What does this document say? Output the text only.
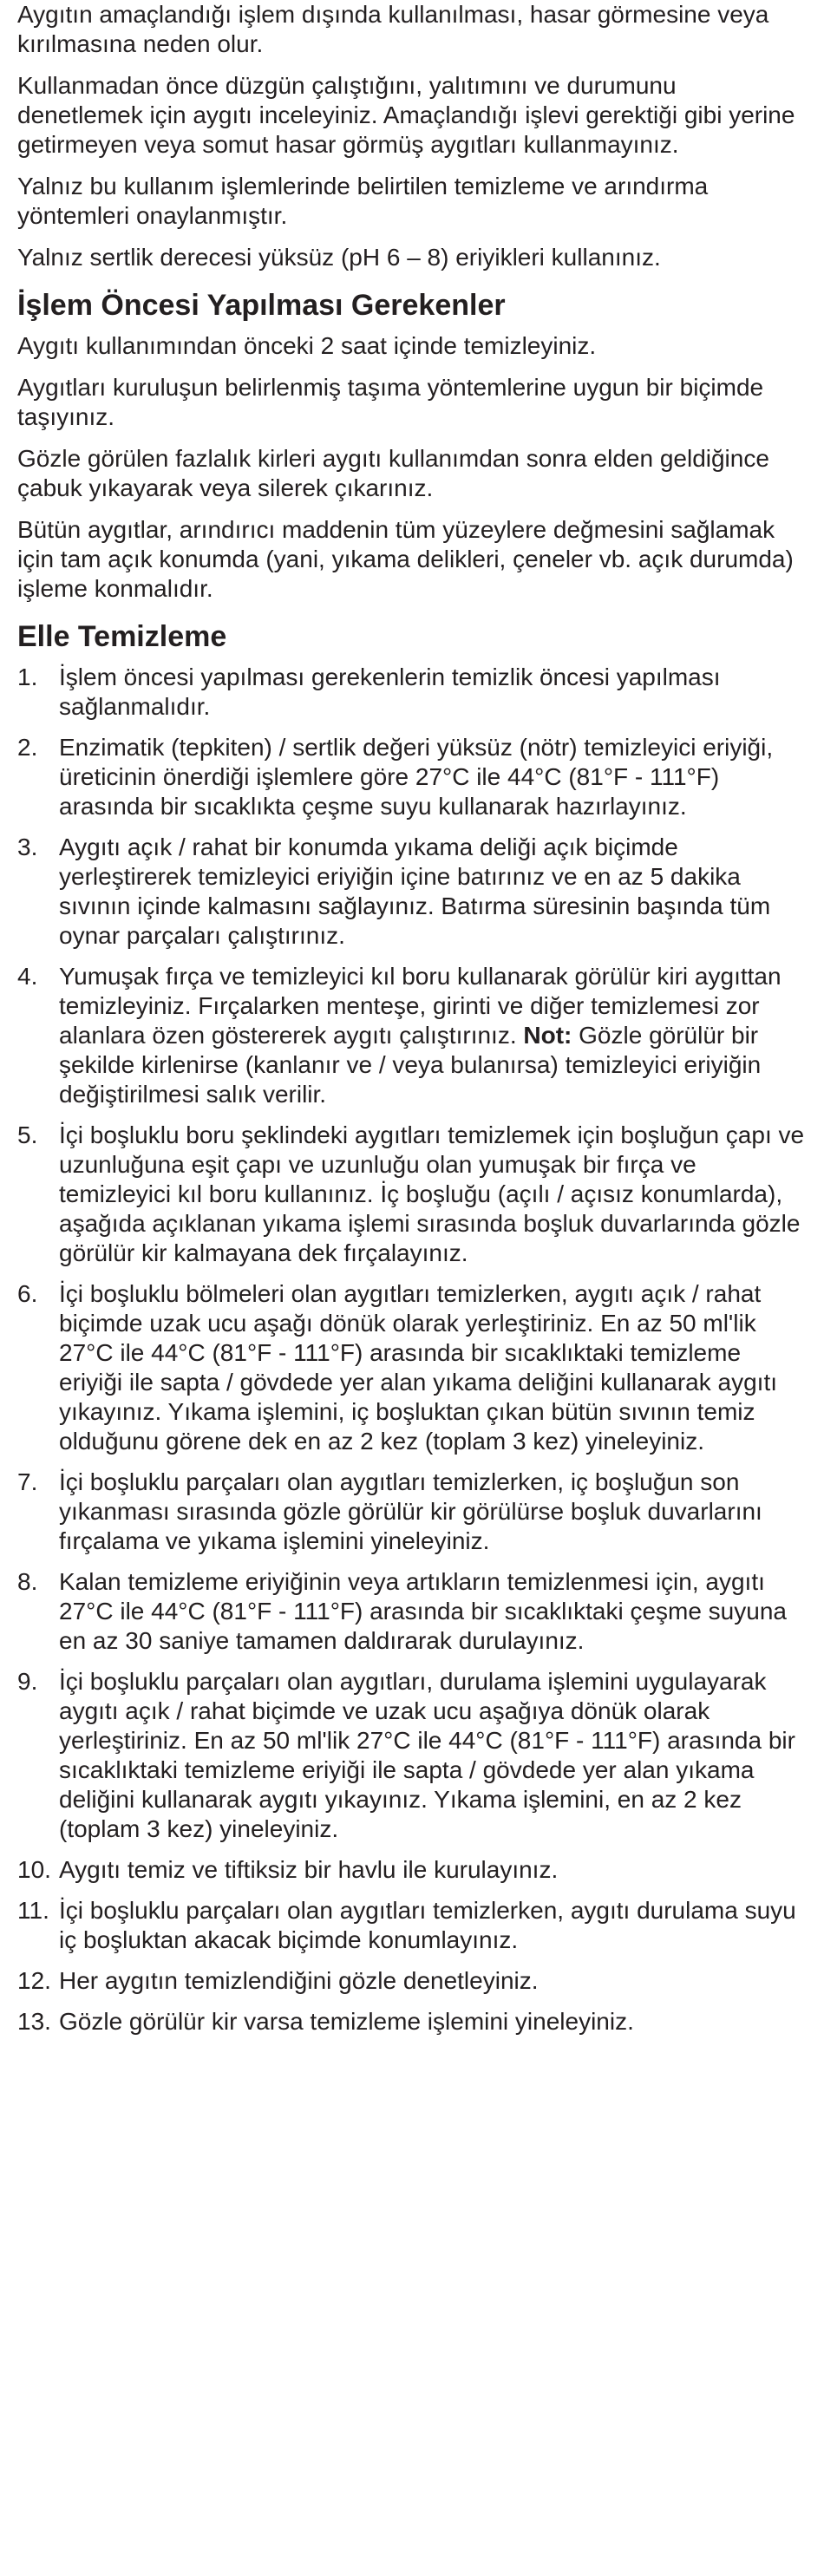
Aygıtın amaçlandığı işlem dışında kullanılması, hasar görmesine veya kırılmasına neden olur.

Kullanmadan önce düzgün çalıştığını, yalıtımını ve durumunu denetlemek için aygıtı inceleyiniz. Amaçlandığı işlevi gerektiği gibi yerine getirmeyen veya somut hasar görmüş aygıtları kullanmayınız.

Yalnız bu kullanım işlemlerinde belirtilen temizleme ve arındırma yöntemleri onaylanmıştır.

Yalnız sertlik derecesi yüksüz (pH 6 – 8) eriyikleri kullanınız.

İşlem Öncesi Yapılması Gerekenler

Aygıtı kullanımından önceki 2 saat içinde temizleyiniz.

Aygıtları kuruluşun belirlenmiş taşıma yöntemlerine uygun bir biçimde taşıyınız.

Gözle görülen fazlalık kirleri aygıtı kullanımdan sonra elden geldiğince çabuk yıkayarak veya silerek çıkarınız.

Bütün aygıtlar, arındırıcı maddenin tüm yüzeylere değmesini sağlamak için tam açık konumda (yani, yıkama delikleri, çeneler vb. açık durumda) işleme konmalıdır.

Elle Temizleme
1. İşlem öncesi yapılması gerekenlerin temizlik öncesi yapılması sağlanmalıdır.
2. Enzimatik (tepkiten) / sertlik değeri yüksüz (nötr) temizleyici eriyiği, üreticinin önerdiği işlemlere göre 27°C ile 44°C (81°F - 111°F) arasında bir sıcaklıkta çeşme suyu kullanarak hazırlayınız.
3. Aygıtı açık / rahat bir konumda yıkama deliği açık biçimde yerleştirerek temizleyici eriyiğin içine batırınız ve en az 5 dakika sıvının içinde kalmasını sağlayınız. Batırma süresinin başında tüm oynar parçaları çalıştırınız.
4. Yumuşak fırça ve temizleyici kıl boru kullanarak görülür kiri aygıttan temizleyiniz. Fırçalarken menteşe, girinti ve diğer temizlemesi zor alanlara özen göstererek aygıtı çalıştırınız. Not: Gözle görülür bir şekilde kirlenirse (kanlanır ve / veya bulanırsa) temizleyici eriyiğin değiştirilmesi salık verilir.
5. İçi boşluklu boru şeklindeki aygıtları temizlemek için boşluğun çapı ve uzunluğuna eşit çapı ve uzunluğu olan yumuşak bir fırça ve temizleyici kıl boru kullanınız. İç boşluğu (açılı / açısız konumlarda), aşağıda açıklanan yıkama işlemi sırasında boşluk duvarlarında gözle görülür kir kalmayana dek fırçalayınız.
6. İçi boşluklu bölmeleri olan aygıtları temizlerken, aygıtı açık / rahat biçimde uzak ucu aşağı dönük olarak yerleştiriniz. En az 50 ml'lik 27°C ile 44°C (81°F - 111°F) arasında bir sıcaklıktaki temizleme eriyiği ile sapta / gövdede yer alan yıkama deliğini kullanarak aygıtı yıkayınız. Yıkama işlemini, iç boşluktan çıkan bütün sıvının temiz olduğunu görene dek en az 2 kez (toplam 3 kez) yineleyiniz.
7. İçi boşluklu parçaları olan aygıtları temizlerken, iç boşluğun son yıkanması sırasında gözle görülür kir görülürse boşluk duvarlarını fırçalama ve yıkama işlemini yineleyiniz.
8. Kalan temizleme eriyiğinin veya artıkların temizlenmesi için, aygıtı 27°C ile 44°C (81°F - 111°F) arasında bir sıcaklıktaki çeşme suyuna en az 30 saniye tamamen daldırarak durulayınız.
9. İçi boşluklu parçaları olan aygıtları, durulama işlemini uygulayarak aygıtı açık / rahat biçimde ve uzak ucu aşağıya dönük olarak yerleştiriniz. En az 50 ml'lik 27°C ile 44°C (81°F - 111°F) arasında bir sıcaklıktaki temizleme eriyiği ile sapta / gövdede yer alan yıkama deliğini kullanarak aygıtı yıkayınız. Yıkama işlemini, en az 2 kez (toplam 3 kez) yineleyiniz.
10. Aygıtı temiz ve tiftiksiz bir havlu ile kurulayınız.
11. İçi boşluklu parçaları olan aygıtları temizlerken, aygıtı durulama suyu iç boşluktan akacak biçimde konumlayınız.
12. Her aygıtın temizlendiğini gözle denetleyiniz.
13. Gözle görülür kir varsa temizleme işlemini yineleyiniz.
